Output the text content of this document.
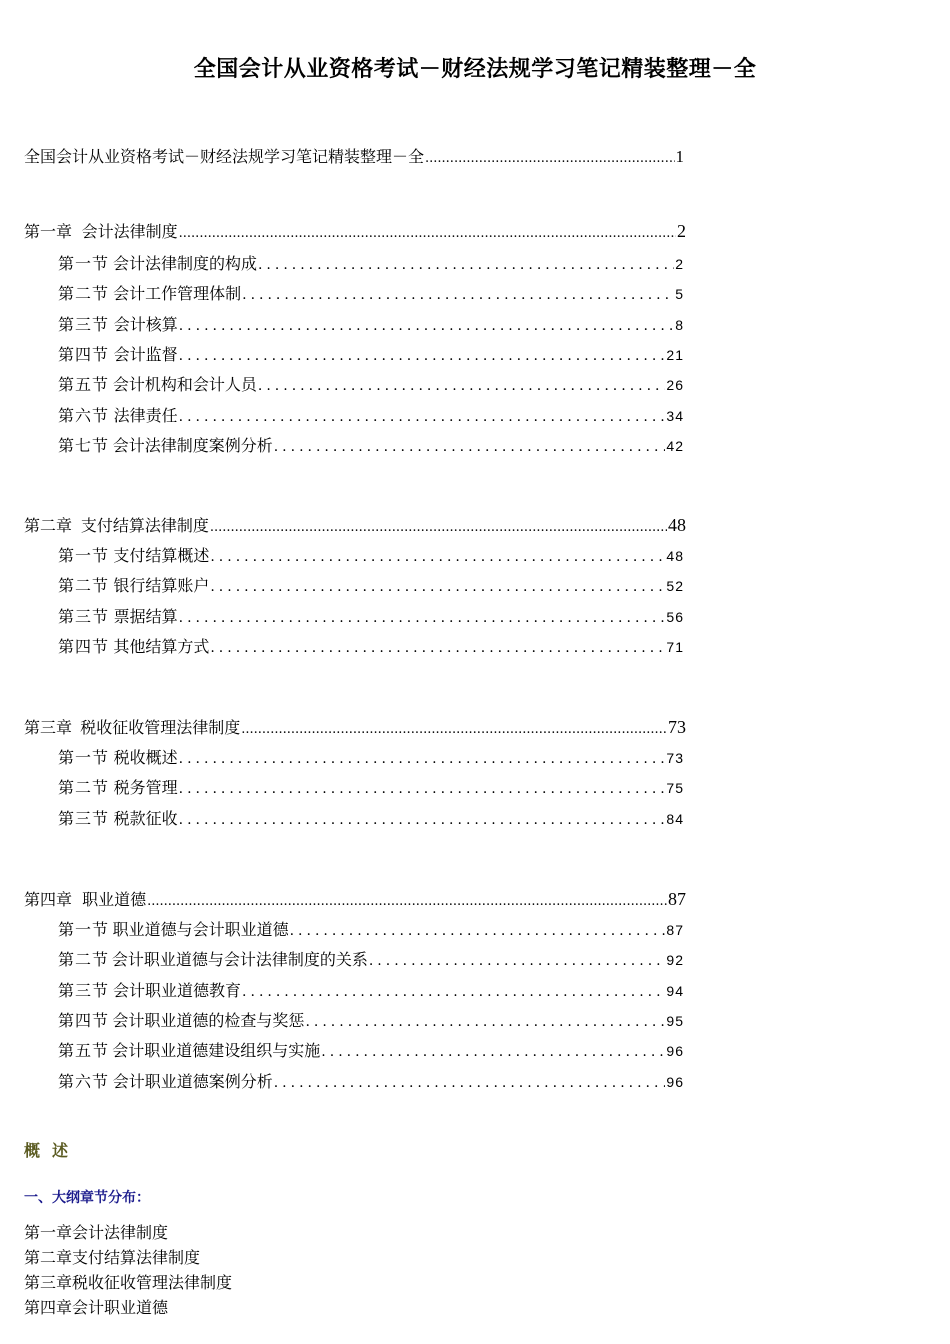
全国会计从业资格考试－财经法规学习笔记精装整理－全
全国会计从业资格考试－财经法规学习笔记精装整理－全 .....	1
第一章 会计法律制度 .....	2
第一节 会计法律制度的构成 .....	2
第二节 会计工作管理体制 .....	5
第三节 会计核算 .....	8
第四节 会计监督 .....	21
第五节 会计机构和会计人员 .....	26
第六节 法律责任 .....	34
第七节 会计法律制度案例分析 .....	42
第二章 支付结算法律制度 .....	48
第一节 支付结算概述 .....	48
第二节 银行结算账户 .....	52
第三节 票据结算 .....	56
第四节 其他结算方式 .....	71
第三章 税收征收管理法律制度 .....	73
第一节 税收概述 .....	73
第二节 税务管理 .....	75
第三节 税款征收 .....	84
第四章 职业道德 .....	87
第一节 职业道德与会计职业道德 .....	87
第二节 会计职业道德与会计法律制度的关系 .....	92
第三节 会计职业道德教育 .....	94
第四节 会计职业道德的检查与奖惩 .....	95
第五节 会计职业道德建设组织与实施 .....	96
第六节 会计职业道德案例分析 .....	96
概述
一、大纲章节分布：
第一章会计法律制度
第二章支付结算法律制度
第三章税收征收管理法律制度
第四章会计职业道德
